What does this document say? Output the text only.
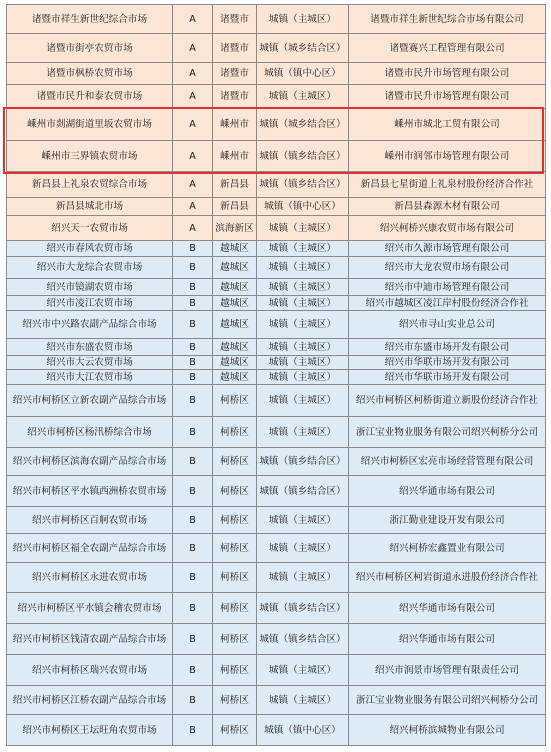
诸暨市祥生新世纪综合市场	A	诸暨市	城镇（主城区）	诸暨市祥生新世纪综合市场有限公司
诸暨市街亭农贸市场	A	诸暨市	城镇（城乡结合区）	诸暨赛兴工程管理有限公司
诸暨市枫桥农贸市场	A	诸暨市	城镇（镇中心区）	诸暨市民升市场管理有限公司
诸暨市民升和泰农贸市场	A	诸暨市	城镇（主城区）	诸暨市民升市场管理有限公司
嵊州市剡湖街道里坂农贸市场	A	嵊州市	城镇（城乡结合区）	嵊州市城北工贸有限公司
嵊州市三界镇农贸市场	A	嵊州市	城镇（镇乡结合区）	嵊州市润邻市场管理有限公司
新昌县上礼泉农贸综合市场	A	新昌县	城镇（镇乡结合区）	新昌县七星街道上礼泉村股份经济合作社
新昌县城北市场	A	新昌县	城镇（镇中心区）	新昌县森源木材有限公司
绍兴天一农贸市场	A	滨海新区	城镇（主城区）	绍兴柯桥兴康农贸市场有限公司
绍兴市春风农贸市场	B	越城区	城镇（主城区）	绍兴市久源市场管理有限公司
绍兴市大龙综合农贸市场	B	越城区	城镇（主城区）	绍兴市大龙农贸市场有限公司
绍兴市镜湖农贸市场	B	越城区	城镇（主城区）	绍兴市中迪市场管理有限公司
绍兴市凌江农贸市场	B	越城区	城镇（主城区）	绍兴市越城区凌江岸村股份经济合作社
绍兴市中兴路农副产品综合市场	B	越城区	城镇（主城区）	绍兴市寻山实业总公司
绍兴市东盛农贸市场	B	越城区	城镇（主城区）	绍兴市东盛市场开发有限公司
绍兴市大云农贸市场	B	越城区	城镇（主城区）	绍兴市华联市场开发有限公司
绍兴市大江农贸市场	B	越城区	城镇（主城区）	绍兴市华联市场开发有限公司
绍兴市柯桥区立新农副产品综合市场	B	柯桥区	城镇（主城区）	绍兴市柯桥区柯桥街道立新股份经济合作社
绍兴市柯桥区杨汛桥综合市场	B	柯桥区	城镇（主城区）	浙江宝业物业服务有限公司绍兴柯桥分公司
绍兴市柯桥区滨海农副产品综合市场	B	柯桥区	城镇（镇乡结合区）	绍兴市柯桥区宏亮市场经营管理有限公司
绍兴市柯桥区平水镇西洲桥农贸市场	B	柯桥区	城镇（镇乡结合区）	绍兴华通市场有限公司
绍兴市柯桥区百舸农贸市场	B	柯桥区	城镇（主城区）	浙江勤业建设开发有限公司
绍兴市柯桥区福全农副产品综合市场	B	柯桥区	城镇（主城区）	绍兴柯桥宏鑫置业有限公司
绍兴市柯桥区永进农贸市场	B	柯桥区	城镇（主城区）	绍兴市柯桥区柯岩街道永进股份经济合作社
绍兴市柯桥区平水镇会稽农贸市场	B	柯桥区	城镇（镇乡结合区）	绍兴华通市场有限公司
绍兴市柯桥区钱清农副产品综合市场	B	柯桥区	城镇（镇乡结合区）	绍兴华通市场有限公司
绍兴市柯桥区瑞兴农贸市场	B	柯桥区	城镇（主城区）	绍兴市润景市场管理有限责任公司
绍兴市柯桥区江桥农副产品综合市场	B	柯桥区	城镇（主城区）	浙江宝业物业服务有限公司绍兴柯桥分公司
绍兴市柯桥区王坛旺角农贸市场	B	柯桥区	城镇（镇中心区）	绍兴柯桥滨城物业有限公司
